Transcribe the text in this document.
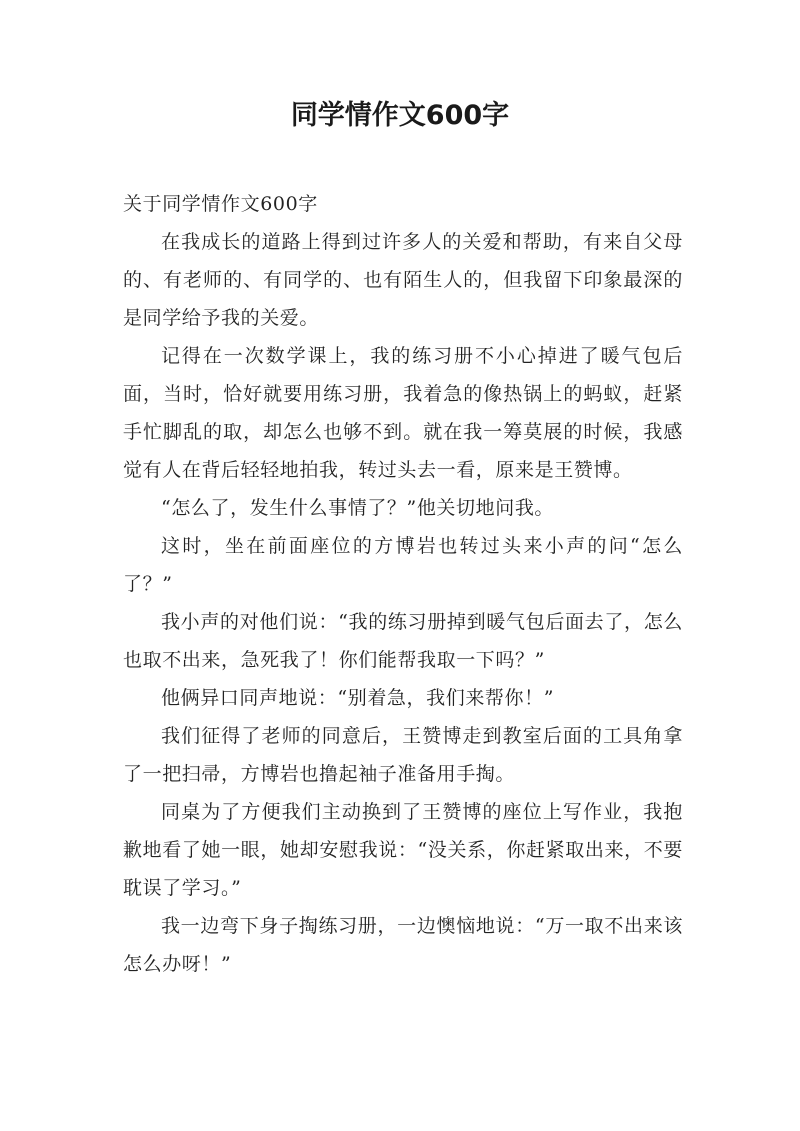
同学情作文600字

关于同学情作文600字

在我成长的道路上得到过许多人的关爱和帮助，有来自父母的、有老师的、有同学的、也有陌生人的，但我留下印象最深的是同学给予我的关爱。

记得在一次数学课上，我的练习册不小心掉进了暖气包后面，当时，恰好就要用练习册，我着急的像热锅上的蚂蚁，赶紧手忙脚乱的取，却怎么也够不到。就在我一筹莫展的时候，我感觉有人在背后轻轻地拍我，转过头去一看，原来是王赞博。

“怎么了，发生什么事情了？”他关切地问我。

这时，坐在前面座位的方博岩也转过头来小声的问“怎么了？”

我小声的对他们说：“我的练习册掉到暖气包后面去了，怎么也取不出来，急死我了！你们能帮我取一下吗？”

他俩异口同声地说：“别着急，我们来帮你！”

我们征得了老师的同意后，王赞博走到教室后面的工具角拿了一把扫帚，方博岩也撸起袖子准备用手掏。

同桌为了方便我们主动换到了王赞博的座位上写作业，我抱歉地看了她一眼，她却安慰我说：“没关系，你赶紧取出来，不要耽误了学习。”

我一边弯下身子掏练习册，一边懊恼地说：“万一取不出来该怎么办呀！”
